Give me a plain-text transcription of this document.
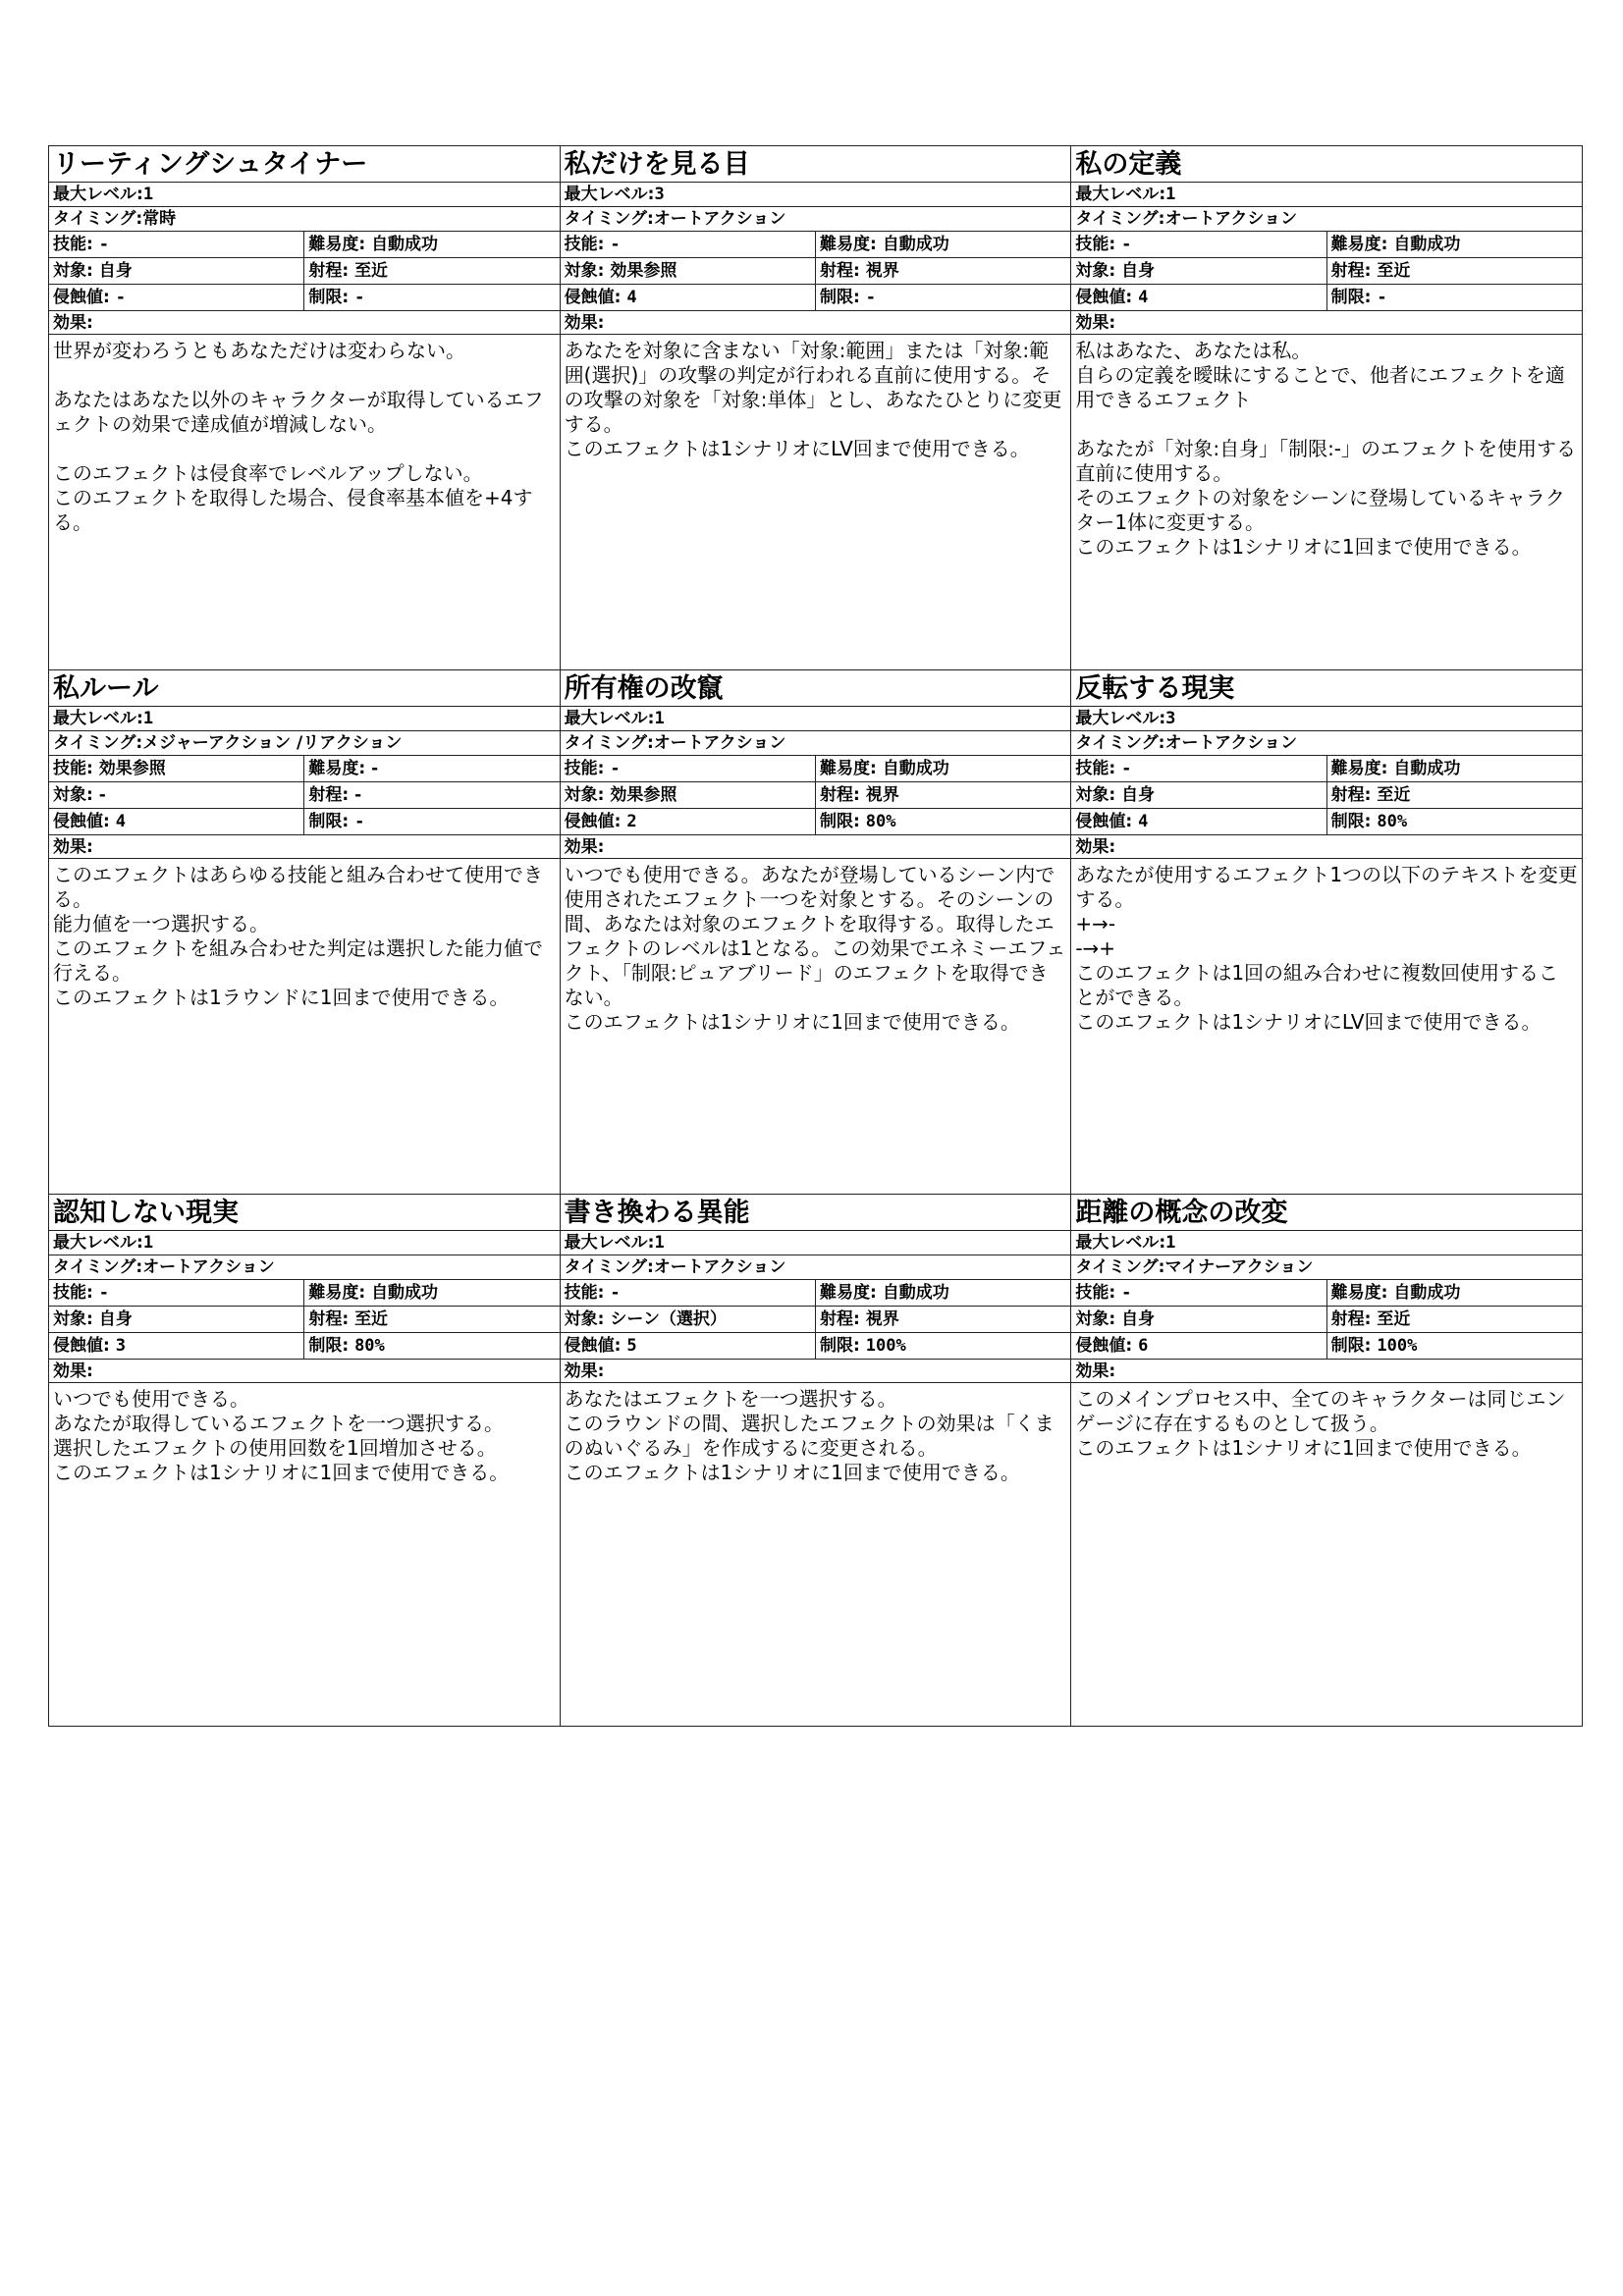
リーティングシュタイナー
最大レベル:1
タイミング:常時
技能: -	難易度: 自動成功
対象: 自身	射程: 至近
侵蝕値: -	制限: -
効果:
世界が変わろうともあなただけは変わらない。

あなたはあなた以外のキャラクターが取得しているエフェクトの効果で達成値が増減しない。

このエフェクトは侵食率でレベルアップしない。
このエフェクトを取得した場合、侵食率基本値を+4する。
私だけを見る目
最大レベル:3
タイミング:オートアクション
技能: -	難易度: 自動成功
対象: 効果参照	射程: 視界
侵蝕値: 4	制限: -
効果:
あなたを対象に含まない「対象:範囲」または「対象:範囲(選択)」の攻撃の判定が行われる直前に使用する。その攻撃の対象を「対象:単体」とし、あなたひとりに変更する。
このエフェクトは1シナリオにLV回まで使用できる。
私の定義
最大レベル:1
タイミング:オートアクション
技能: -	難易度: 自動成功
対象: 自身	射程: 至近
侵蝕値: 4	制限: -
効果:
私はあなた、あなたは私。
自らの定義を曖昧にすることで、他者にエフェクトを適用できるエフェクト

あなたが「対象:自身」「制限:-」のエフェクトを使用する直前に使用する。
そのエフェクトの対象をシーンに登場しているキャラクター1体に変更する。
このエフェクトは1シナリオに1回まで使用できる。
私ルール
最大レベル:1
タイミング:メジャーアクション /リアクション
技能: 効果参照	難易度: -
対象: -	射程: -
侵蝕値: 4	制限: -
効果:
このエフェクトはあらゆる技能と組み合わせて使用できる。
能力値を一つ選択する。
このエフェクトを組み合わせた判定は選択した能力値で行える。
このエフェクトは1ラウンドに1回まで使用できる。
所有権の改竄
最大レベル:1
タイミング:オートアクション
技能: -	難易度: 自動成功
対象: 効果参照	射程: 視界
侵蝕値: 2	制限: 80%
効果:
いつでも使用できる。あなたが登場しているシーン内で使用されたエフェクト一つを対象とする。そのシーンの間、あなたは対象のエフェクトを取得する。取得したエフェクトのレベルは1となる。この効果でエネミーエフェクト、「制限:ピュアブリード」のエフェクトを取得できない。
このエフェクトは1シナリオに1回まで使用できる。
反転する現実
最大レベル:3
タイミング:オートアクション
技能: -	難易度: 自動成功
対象: 自身	射程: 至近
侵蝕値: 4	制限: 80%
効果:
あなたが使用するエフェクト1つの以下のテキストを変更する。
+→-
-→+
このエフェクトは1回の組み合わせに複数回使用することができる。
このエフェクトは1シナリオにLV回まで使用できる。
認知しない現実
最大レベル:1
タイミング:オートアクション
技能: -	難易度: 自動成功
対象: 自身	射程: 至近
侵蝕値: 3	制限: 80%
効果:
いつでも使用できる。
あなたが取得しているエフェクトを一つ選択する。
選択したエフェクトの使用回数を1回増加させる。
このエフェクトは1シナリオに1回まで使用できる。
書き換わる異能
最大レベル:1
タイミング:オートアクション
技能: -	難易度: 自動成功
対象: シーン（選択）	射程: 視界
侵蝕値: 5	制限: 100%
効果:
あなたはエフェクトを一つ選択する。
このラウンドの間、選択したエフェクトの効果は「くまのぬいぐるみ」を作成するに変更される。
このエフェクトは1シナリオに1回まで使用できる。
距離の概念の改変
最大レベル:1
タイミング:マイナーアクション
技能: -	難易度: 自動成功
対象: 自身	射程: 至近
侵蝕値: 6	制限: 100%
効果:
このメインプロセス中、全てのキャラクターは同じエンゲージに存在するものとして扱う。
このエフェクトは1シナリオに1回まで使用できる。
